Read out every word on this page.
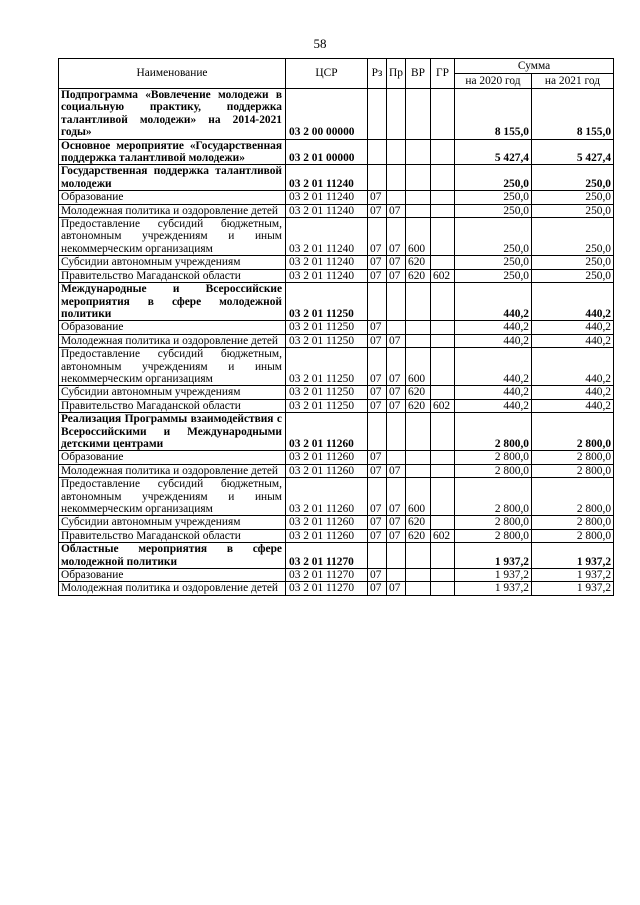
58
Наименование	ЦСР	Рз	Пр	ВР	ГР	Сумма	
						на 2020 год	на 2021 год
Подпрограмма «Вовлечение молодежи в социальную практику, поддержка талантливой молодежи» на 2014-2021 годы»	03 2 00 00000					8 155,0	8 155,0
Основное мероприятие «Государственная поддержка талантливой молодежи»	03 2 01 00000					5 427,4	5 427,4
Государственная поддержка талантливой молодежи	03 2 01 11240					250,0	250,0
Образование	03 2 01 11240	07				250,0	250,0
Молодежная политика и оздоровление детей	03 2 01 11240	07	07			250,0	250,0
Предоставление субсидий бюджетным, автономным учреждениям и иным некоммерческим организациям	03 2 01 11240	07	07	600		250,0	250,0
Субсидии автономным учреждениям	03 2 01 11240	07	07	620		250,0	250,0
Правительство Магаданской области	03 2 01 11240	07	07	620	602	250,0	250,0
Международные и Всероссийские мероприятия в сфере молодежной политики	03 2 01 11250					440,2	440,2
Образование	03 2 01 11250	07				440,2	440,2
Молодежная политика и оздоровление детей	03 2 01 11250	07	07			440,2	440,2
Предоставление субсидий бюджетным, автономным учреждениям и иным некоммерческим организациям	03 2 01 11250	07	07	600		440,2	440,2
Субсидии автономным учреждениям	03 2 01 11250	07	07	620		440,2	440,2
Правительство Магаданской области	03 2 01 11250	07	07	620	602	440,2	440,2
Реализация Программы взаимодействия с Всероссийскими и Международными детскими центрами	03 2 01 11260					2 800,0	2 800,0
Образование	03 2 01 11260	07				2 800,0	2 800,0
Молодежная политика и оздоровление детей	03 2 01 11260	07	07			2 800,0	2 800,0
Предоставление субсидий бюджетным, автономным учреждениям и иным некоммерческим организациям	03 2 01 11260	07	07	600		2 800,0	2 800,0
Субсидии автономным учреждениям	03 2 01 11260	07	07	620		2 800,0	2 800,0
Правительство Магаданской области	03 2 01 11260	07	07	620	602	2 800,0	2 800,0
Областные мероприятия в сфере молодежной политики	03 2 01 11270					1 937,2	1 937,2
Образование	03 2 01 11270	07				1 937,2	1 937,2
Молодежная политика и оздоровление детей	03 2 01 11270	07	07			1 937,2	1 937,2
